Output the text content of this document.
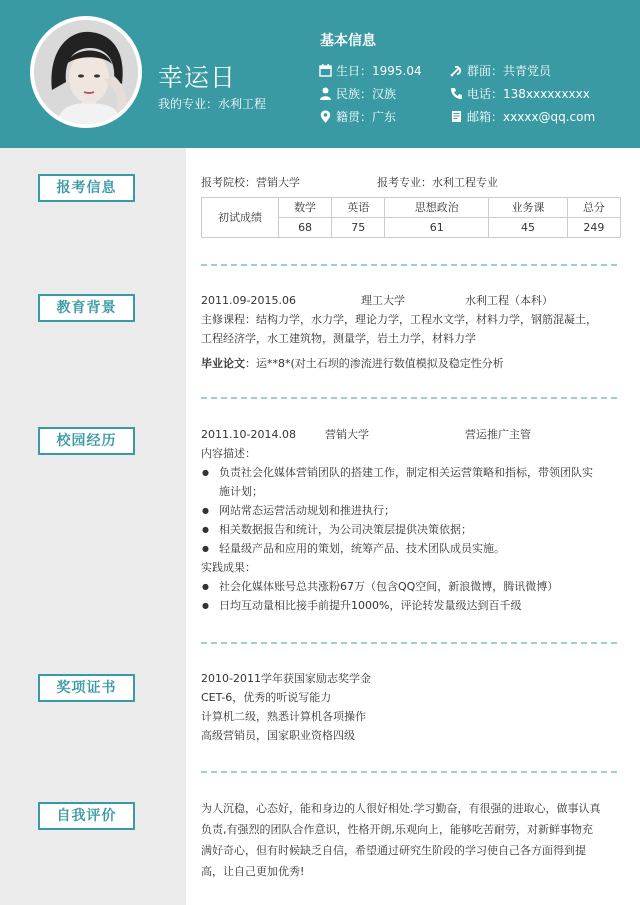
幸运日
我的专业：水利工程
基本信息
生日：1995.04	群面：共青党员
民族：汉族	电话：138xxxxxxxxx
籍贯：广东	邮箱：xxxxx@qq.com
报考信息
教育背景
校园经历
奖项证书
自我评价
报考院校：营销大学	报考专业：水利工程专业
初试成绩	数学	英语	思想政治	业务课	总分
	68	75	61	45	249
2011.09-2015.06	理工大学	水利工程（本科）
主修课程：结构力学，水力学，理论力学，工程水文学，材料力学，钢筋混凝土，
工程经济学，水工建筑物，测量学，岩土力学，材料力学
毕业论文：运**8*(对土石坝的渗流进行数值模拟及稳定性分析
2011.10-2014.08	营销大学	营运推广主管
内容描述：
● 负责社会化媒体营销团队的搭建工作，制定相关运营策略和指标，带领团队实
施计划；
● 网站常态运营活动规划和推进执行；
● 相关数据报告和统计，为公司决策层提供决策依据；
● 轻量级产品和应用的策划，统筹产品、技术团队成员实施。
实践成果：
● 社会化媒体账号总共涨粉67万（包含QQ空间，新浪微博，腾讯微博）
● 日均互动量相比接手前提升1000%，评论转发量级达到百千级
2010-2011学年获国家励志奖学金
CET-6，优秀的听说写能力
计算机二级，熟悉计算机各项操作
高级营销员，国家职业资格四级
为人沉稳，心态好，能和身边的人很好相处.学习勤奋，有很强的进取心，做事认真
负责,有强烈的团队合作意识，性格开朗,乐观向上，能够吃苦耐劳，对新鲜事物充
满好奇心，但有时候缺乏自信，希望通过研究生阶段的学习使自己各方面得到提
高，让自己更加优秀!
